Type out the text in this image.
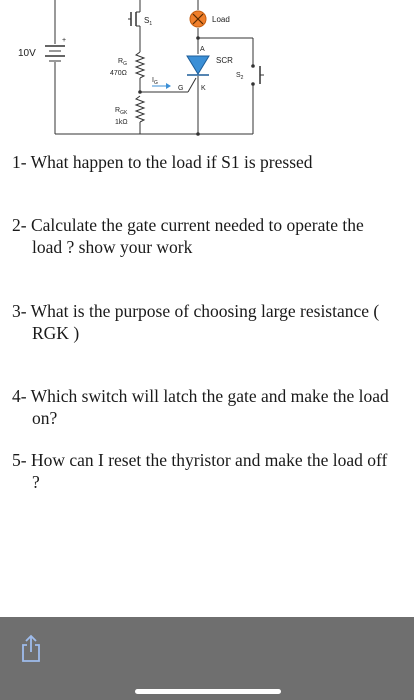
+
10V
$S_1$	Load
$R_G$
470Ω
$I_G$
SCR
A
G	K
$S_2$
$R_{GK}$
1kΩ
1- What happen to the load if S1 is pressed
2- Calculate the gate current needed to operate the
load ? show your work
3- What is the purpose of choosing large resistance (
RGK )
4- Which switch will latch the gate and make the load
on?
5- How can I reset the thyristor and make the load off
?
